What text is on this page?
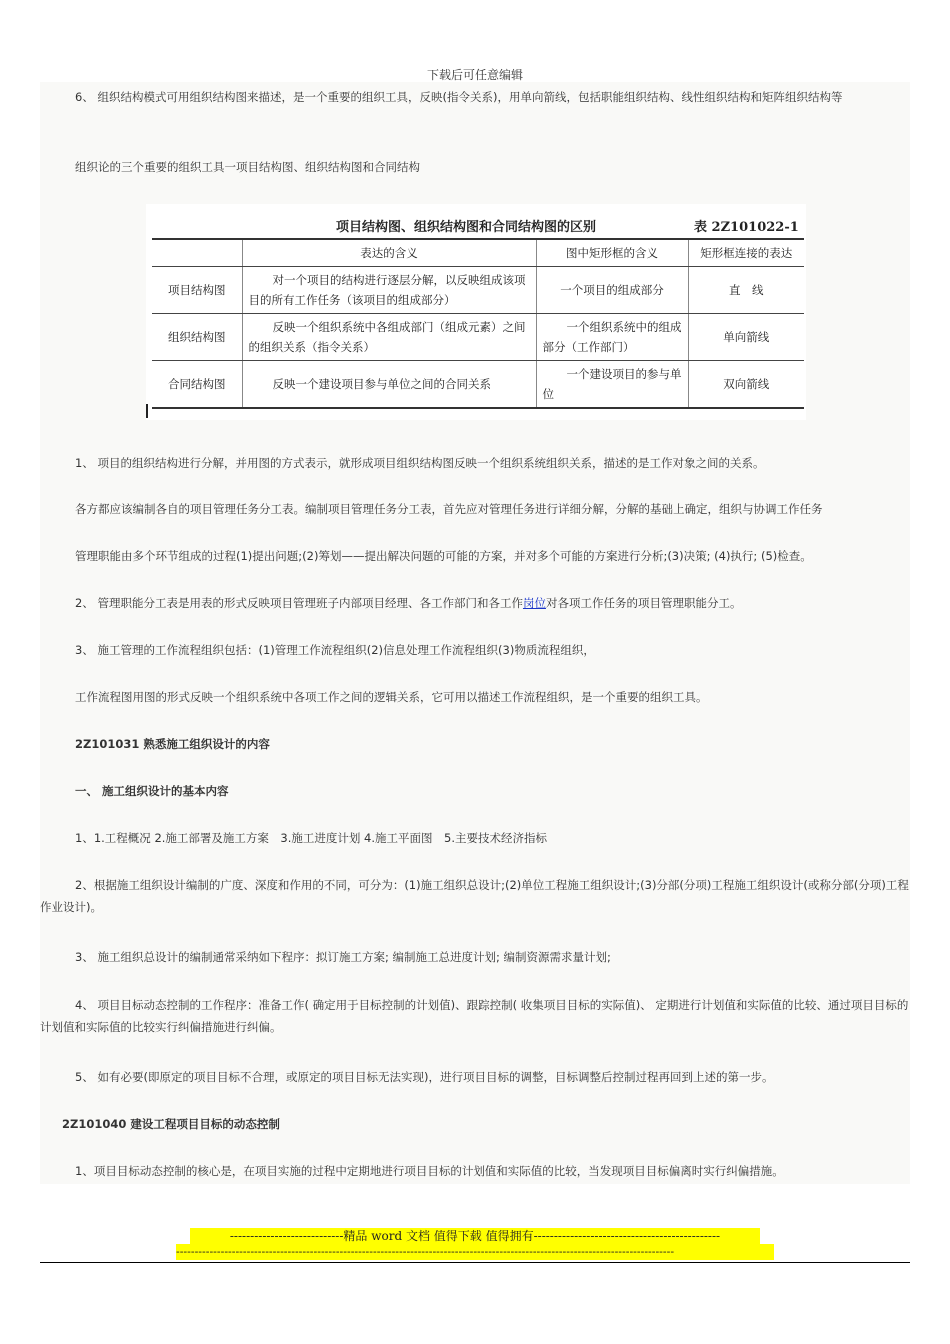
下载后可任意编辑
6、 组织结构模式可用组织结构图来描述，是一个重要的组织工具，反映(指令关系)，用单向箭线，包括职能组织结构、线性组织结构和矩阵组织结构等
组织论的三个重要的组织工具一项目结构图、组织结构图和合同结构
项目结构图、组织结构图和合同结构图的区别	表 2Z101022-1
	表达的含义	图中矩形框的含义	矩形框连接的表达
项目结构图	对一个项目的结构进行逐层分解，以反映组成该项目的所有工作任务（该项目的组成部分）	一个项目的组成部分	直　线
组织结构图	反映一个组织系统中各组成部门（组成元素）之间的组织关系（指令关系）	一个组织系统中的组成部分（工作部门）	单向箭线
合同结构图	反映一个建设项目参与单位之间的合同关系	一个建设项目的参与单位	双向箭线
1、 项目的组织结构进行分解，并用图的方式表示，就形成项目组织结构图反映一个组织系统组织关系，描述的是工作对象之间的关系。
各方都应该编制各自的项目管理任务分工表。编制项目管理任务分工表，首先应对管理任务进行详细分解，分解的基础上确定，组织与协调工作任务
管理职能由多个环节组成的过程(1)提出问题;(2)筹划——提出解决问题的可能的方案，并对多个可能的方案进行分析;(3)决策; (4)执行; (5)检查。
2、 管理职能分工表是用表的形式反映项目管理班子内部项目经理、各工作部门和各工作岗位对各项工作任务的项目管理职能分工。
3、 施工管理的工作流程组织包括：(1)管理工作流程组织(2)信息处理工作流程组织(3)物质流程组织，
工作流程图用图的形式反映一个组织系统中各项工作之间的逻辑关系，它可用以描述工作流程组织，是一个重要的组织工具。
2Z101031 熟悉施工组织设计的内容
一、 施工组织设计的基本内容
1、1.工程概况 2.施工部署及施工方案　3.施工进度计划 4.施工平面图　5.主要技术经济指标
2、根据施工组织设计编制的广度、深度和作用的不同，可分为：(1)施工组织总设计;(2)单位工程施工组织设计;(3)分部(分项)工程施工组织设计(或称分部(分项)工程作业设计)。
3、 施工组织总设计的编制通常采纳如下程序：拟订施工方案; 编制施工总进度计划; 编制资源需求量计划;
4、 项目目标动态控制的工作程序：准备工作( 确定用于目标控制的计划值)、跟踪控制( 收集项目目标的实际值)、 定期进行计划值和实际值的比较、通过项目目标的计划值和实际值的比较实行纠偏措施进行纠偏。
5、 如有必要(即原定的项目目标不合理，或原定的项目目标无法实现)，进行项目目标的调整，目标调整后控制过程再回到上述的第一步。
2Z101040 建设工程项目目标的动态控制
1、项目目标动态控制的核心是，在项目实施的过程中定期地进行项目目标的计划值和实际值的比较，当发现项目目标偏离时实行纠偏措施。
----------------------------精品 word 文档 值得下载 值得拥有----------------------------------------------
--------------------------------------------------------------------------------------------------------------------------------------
